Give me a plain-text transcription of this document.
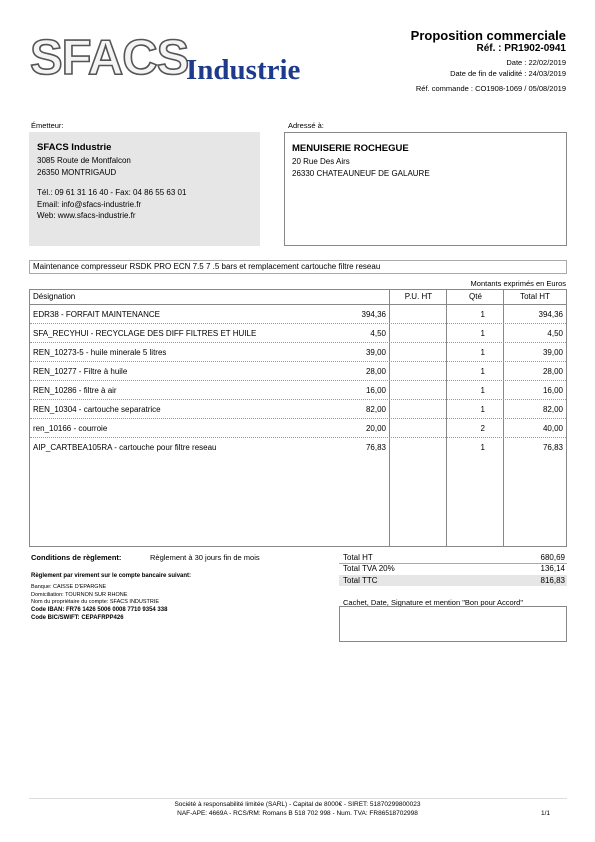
SFACS
Industrie
Proposition commerciale
Réf. : PR1902-0941
Date : 22/02/2019
Date de fin de validité : 24/03/2019
Réf. commande : CO1908-1069 / 05/08/2019
Émetteur:	Adressé à:
SFACS Industrie
3085 Route de Montfalcon
26350 MONTRIGAUD
Tél.: 09 61 31 16 40 - Fax: 04 86 55 63 01
Email: info@sfacs-industrie.fr
Web: www.sfacs-industrie.fr
MENUISERIE ROCHEGUE
20 Rue Des Airs
26330 CHATEAUNEUF DE GALAURE
Maintenance compresseur RSDK PRO ECN 7.5 7 .5 bars et remplacement cartouche filtre reseau
Montants exprimés en Euros
Désignation	P.U. HT	Qté	Total HT
EDR38 - FORFAIT MAINTENANCE	394,36	1	394,36
SFA_RECYHUI - RECYCLAGE DES DIFF FILTRES ET HUILE	4,50	1	4,50
REN_10273-5 - huile minerale 5 litres	39,00	1	39,00
REN_10277 - Filtre à huile	28,00	1	28,00
REN_10286 - filtre à air	16,00	1	16,00
REN_10304 - cartouche separatrice	82,00	1	82,00
ren_10166 - courroie	20,00	2	40,00
AIP_CARTBEA105RA - cartouche pour filtre reseau	76,83	1	76,83
Conditions de règlement:	Règlement à 30 jours fin de mois
Règlement par virement sur le compte bancaire suivant:
Banque: CAISSE D'EPARGNE
Domiciliation: TOURNON SUR RHONE
Nom du propriétaire du compte: SFACS INDUSTRIE
Code IBAN: FR76 1426 5006 0008 7710 9354 338
Code BIC/SWIFT: CEPAFRPP426
Total HT	680,69
Total TVA 20%	136,14
Total TTC	816,83
Cachet, Date, Signature et mention "Bon pour Accord"
Société à responsabilité limitée (SARL) - Capital de 8000€ - SIRET: 51870299800023
NAF-APE: 4669A - RCS/RM: Romans B 518 702 998 - Num. TVA: FR86518702998	1/1
